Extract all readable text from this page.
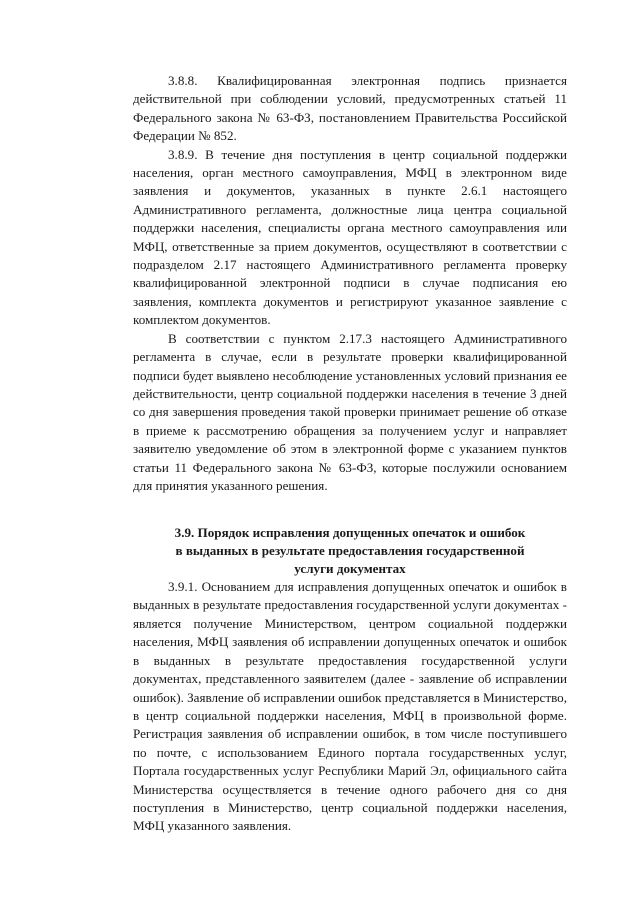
3.8.8. Квалифицированная электронная подпись признается действительной при соблюдении условий, предусмотренных статьей 11 Федерального закона № 63-ФЗ, постановлением Правительства Российской Федерации № 852.

3.8.9. В течение дня поступления в центр социальной поддержки населения, орган местного самоуправления, МФЦ в электронном виде заявления и документов, указанных в пункте 2.6.1 настоящего Административного регламента, должностные лица центра социальной поддержки населения, специалисты органа местного самоуправления или МФЦ, ответственные за прием документов, осуществляют в соответствии с подразделом 2.17 настоящего Административного регламента проверку квалифицированной электронной подписи в случае подписания ею заявления, комплекта документов и регистрируют указанное заявление с комплектом документов.

В соответствии с пунктом 2.17.3 настоящего Административного регламента в случае, если в результате проверки квалифицированной подписи будет выявлено несоблюдение установленных условий признания ее действительности, центр социальной поддержки населения в течение 3 дней со дня завершения проведения такой проверки принимает решение об отказе в приеме к рассмотрению обращения за получением услуг и направляет заявителю уведомление об этом в электронной форме с указанием пунктов статьи 11 Федерального закона № 63-ФЗ, которые послужили основанием для принятия указанного решения.

3.9. Порядок исправления допущенных опечаток и ошибок
в выданных в результате предоставления государственной
услуги документах

3.9.1. Основанием для исправления допущенных опечаток и ошибок в выданных в результате предоставления государственной услуги документах - является получение Министерством, центром социальной поддержки населения, МФЦ заявления об исправлении допущенных опечаток и ошибок в выданных в результате предоставления государственной услуги документах, представленного заявителем (далее - заявление об исправлении ошибок). Заявление об исправлении ошибок представляется в Министерство, в центр социальной поддержки населения, МФЦ в произвольной форме. Регистрация заявления об исправлении ошибок, в том числе поступившего по почте, с использованием Единого портала государственных услуг, Портала государственных услуг Республики Марий Эл, официального сайта Министерства осуществляется в течение одного рабочего дня со дня поступления в Министерство, центр социальной поддержки населения, МФЦ указанного заявления.
